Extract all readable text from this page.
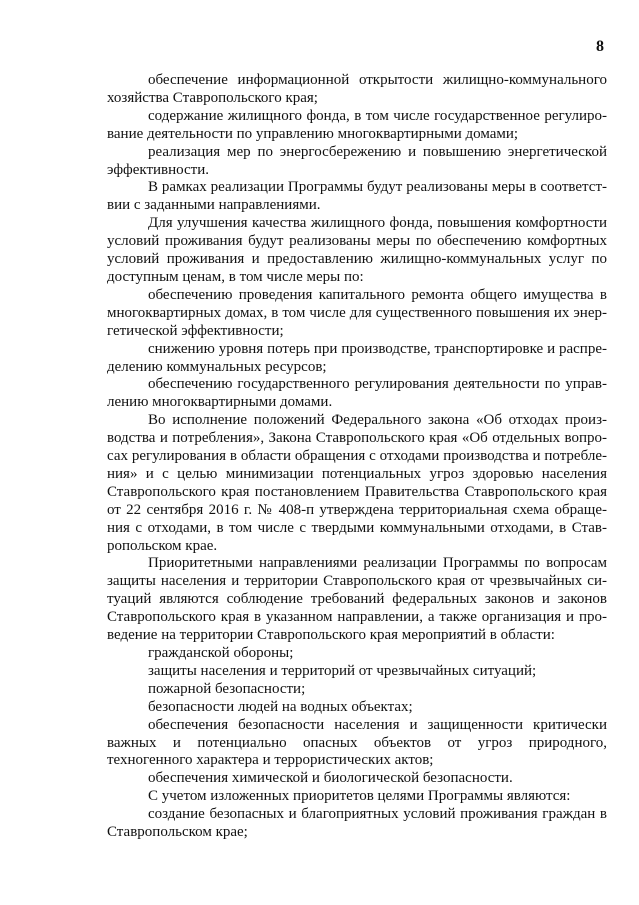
8

обеспечение информационной открытости жилищно-коммунального хозяйства Ставропольского края;

содержание жилищного фонда, в том числе государственное регулирование деятельности по управлению многоквартирными домами;

реализация мер по энергосбережению и повышению энергетической эффективности.

В рамках реализации Программы будут реализованы меры в соответствии с заданными направлениями.

Для улучшения качества жилищного фонда, повышения комфортности условий проживания будут реализованы меры по обеспечению комфортных условий проживания и предоставлению жилищно-коммунальных услуг по доступным ценам, в том числе меры по:

обеспечению проведения капитального ремонта общего имущества в многоквартирных домах, в том числе для существенного повышения их энергетической эффективности;

снижению уровня потерь при производстве, транспортировке и распределению коммунальных ресурсов;

обеспечению государственного регулирования деятельности по управлению многоквартирными домами.

Во исполнение положений Федерального закона «Об отходах производства и потребления», Закона Ставропольского края «Об отдельных вопросах регулирования в области обращения с отходами производства и потребления» и с целью минимизации потенциальных угроз здоровью населения Ставропольского края постановлением Правительства Ставропольского края от 22 сентября 2016 г. № 408-п утверждена территориальная схема обращения с отходами, в том числе с твердыми коммунальными отходами, в Ставропольском крае.

Приоритетными направлениями реализации Программы по вопросам защиты населения и территории Ставропольского края от чрезвычайных ситуаций являются соблюдение требований федеральных законов и законов Ставропольского края в указанном направлении, а также организация и проведение на территории Ставропольского края мероприятий в области:

гражданской обороны;

защиты населения и территорий от чрезвычайных ситуаций;

пожарной безопасности;

безопасности людей на водных объектах;

обеспечения безопасности населения и защищенности критически важных и потенциально опасных объектов от угроз природного, техногенного характера и террористических актов;

обеспечения химической и биологической безопасности.

С учетом изложенных приоритетов целями Программы являются:

создание безопасных и благоприятных условий проживания граждан в Ставропольском крае;
